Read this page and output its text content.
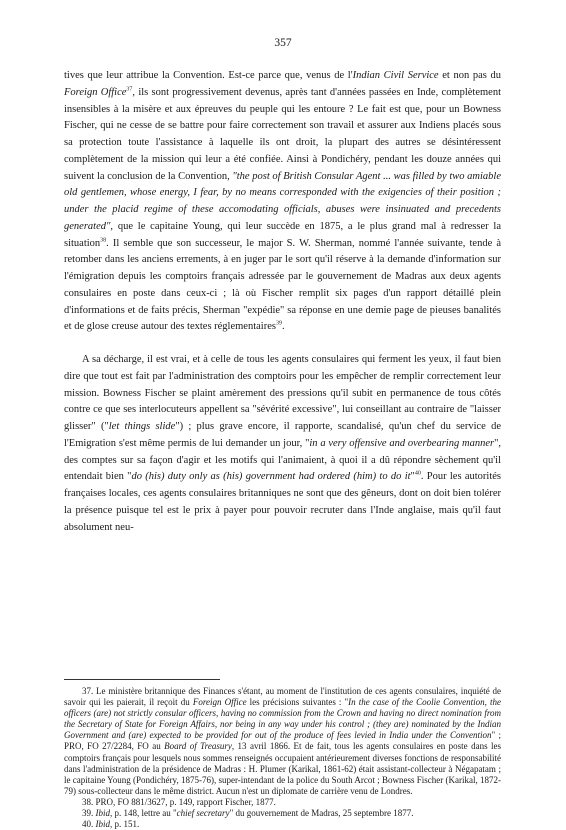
357

tives que leur attribue la Convention. Est-ce parce que, venus de l'Indian Civil Service et non pas du Foreign Office$^{37}$, ils sont progressivement devenus, après tant d'années passées en Inde, complètement insensibles à la misère et aux épreuves du peuple qui les entoure ? Le fait est que, pour un Bowness Fischer, qui ne cesse de se battre pour faire correctement son travail et assurer aux Indiens placés sous sa protection toute l'assistance à laquelle ils ont droit, la plupart des autres se désintéressent complètement de la mission qui leur a été confiée. Ainsi à Pondichéry, pendant les douze années qui suivent la conclusion de la Convention, "the post of British Consular Agent ... was filled by two amiable old gentlemen, whose energy, I fear, by no means corresponded with the exigencies of their position ; under the placid regime of these accomodating officials, abuses were insinuated and precedents generated", que le capitaine Young, qui leur succède en 1875, a le plus grand mal à redresser la situation$^{38}$. Il semble que son successeur, le major S. W. Sherman, nommé l'année suivante, tende à retomber dans les anciens errements, à en juger par le sort qu'il réserve à la demande d'information sur l'émigration depuis les comptoirs français adressée par le gouvernement de Madras aux deux agents consulaires en poste dans ceux-ci ; là où Fischer remplit six pages d'un rapport détaillé plein d'informations et de faits précis, Sherman "expédie" sa réponse en une demie page de pieuses banalités et de glose creuse autour des textes réglementaires$^{39}$.

A sa décharge, il est vrai, et à celle de tous les agents consulaires qui ferment les yeux, il faut bien dire que tout est fait par l'administration des comptoirs pour les empêcher de remplir correctement leur mission. Bowness Fischer se plaint amèrement des pressions qu'il subit en permanence de tous côtés contre ce que ses interlocuteurs appellent sa "sévérité excessive", lui conseillant au contraire de "laisser glisser" ("let things slide") ; plus grave encore, il rapporte, scandalisé, qu'un chef du service de l'Emigration s'est même permis de lui demander un jour, "in a very offensive and overbearing manner", des comptes sur sa façon d'agir et les motifs qui l'animaient, à quoi il a dû répondre sèchement qu'il entendait bien "do (his) duty only as (his) government had ordered (him) to do it"$^{40}$. Pour les autorités françaises locales, ces agents consulaires britanniques ne sont que des gêneurs, dont on doit bien tolérer la présence puisque tel est le prix à payer pour pouvoir recruter dans l'Inde anglaise, mais qu'il faut absolument neu-

37. Le ministère britannique des Finances s'étant, au moment de l'institution de ces agents consulaires, inquiété de savoir qui les paierait, il reçoit du Foreign Office les précisions suivantes : "In the case of the Coolie Convention, the officers (are) not strictly consular officers, having no commission from the Crown and having no direct nomination from the Secretary of State for Foreign Affairs, nor being in any way under his control ; (they are) nominated by the Indian Government and (are) expected to be provided for out of the produce of fees levied in India under the Convention" ; PRO, FO 27/2284, FO au Board of Treasury, 13 avril 1866. Et de fait, tous les agents consulaires en poste dans les comptoirs français pour lesquels nous sommes renseignés occupaient antérieurement diverses fonctions de responsabilité dans l'administration de la présidence de Madras : H. Plumer (Karikal, 1861-62) était assistant-collecteur à Négapatam ; le capitaine Young (Pondichéry, 1875-76), super-intendant de la police du South Arcot ; Bowness Fischer (Karikal, 1872-79) sous-collecteur dans le même district. Aucun n'est un diplomate de carrière venu de Londres.

38. PRO, FO 881/3627, p. 149, rapport Fischer, 1877.

39. Ibid, p. 148, lettre au "chief secretary" du gouvernement de Madras, 25 septembre 1877.

40. Ibid, p. 151.
